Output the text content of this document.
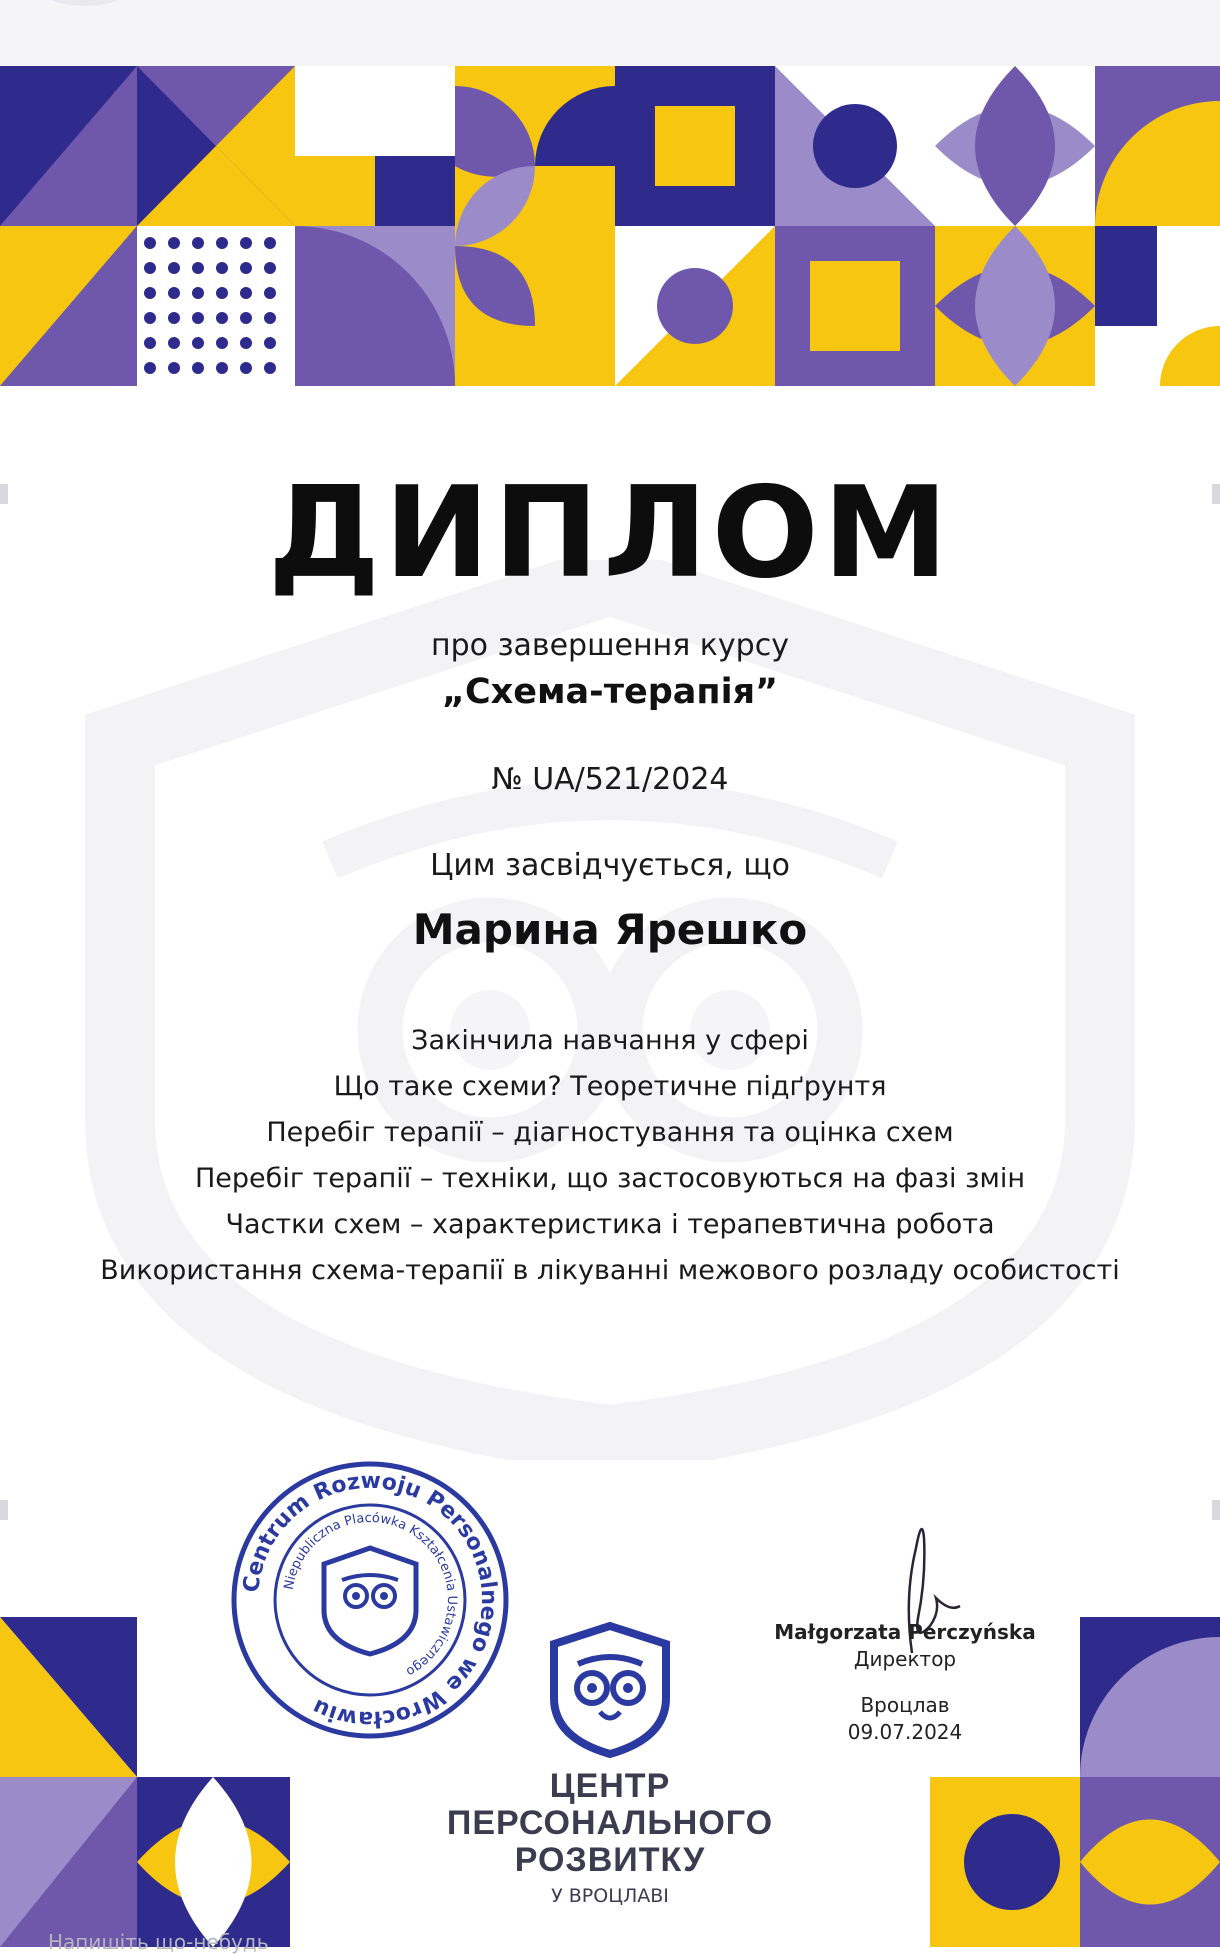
ДИПЛОМ
про завершення курсу
„Схема-терапія”
№ UA/521/2024
Цим засвідчується, що
Марина Ярешко
Закінчила навчання у сфері
Що таке схеми? Теоретичне підґрунтя
Перебіг терапії – діагностування та оцінка схем
Перебіг терапії – техніки, що застосовуються на фазі змін
Частки схем – характеристика і терапевтична робота
Використання схема-терапії в лікуванні межового розладу особистості
Centrum Rozwoju Personalnego we Wrocławiu
Niepubliczna Placówka Kształcenia Ustawicznego
ЦЕНТР
ПЕРСОНАЛЬНОГО
РОЗВИТКУ
У ВРОЦЛАВІ
Małgorzata Perczyńska
Директор
Вроцлав
09.07.2024
Напишіть що-небудь
